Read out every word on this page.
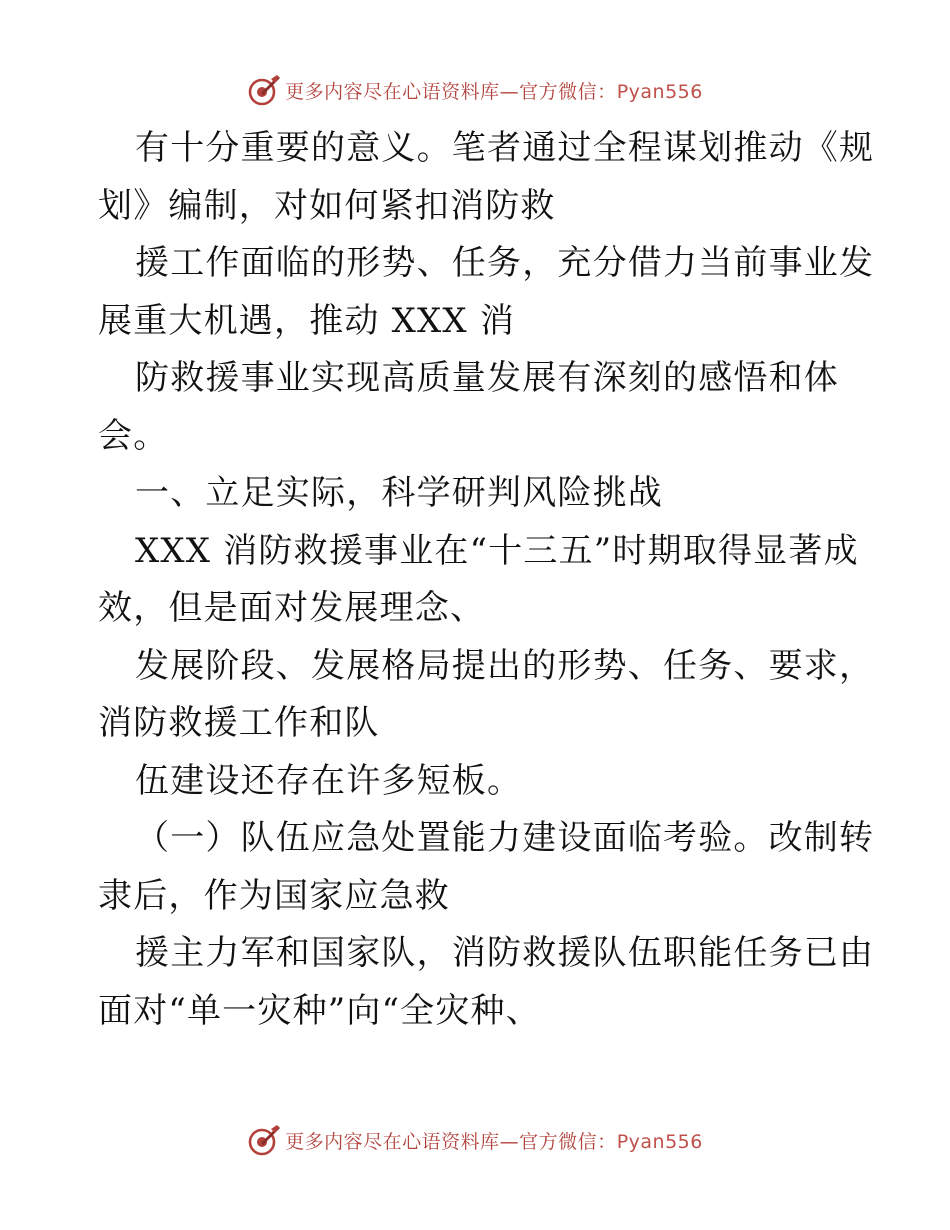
更多内容尽在心语资料库—官方微信：Pyan556
有十分重要的意义。笔者通过全程谋划推动《规
划》编制，对如何紧扣消防救
援工作面临的形势、任务，充分借力当前事业发
展重大机遇，推动 XXX 消
防救援事业实现高质量发展有深刻的感悟和体
会。
一、立足实际，科学研判风险挑战
XXX 消防救援事业在“十三五”时期取得显著成
效，但是面对发展理念、
发展阶段、发展格局提出的形势、任务、要求，
消防救援工作和队
伍建设还存在许多短板。
（一）队伍应急处置能力建设面临考验。改制转
隶后，作为国家应急救
援主力军和国家队，消防救援队伍职能任务已由
面对“单一灾种”向“全灾种、
更多内容尽在心语资料库—官方微信：Pyan556
